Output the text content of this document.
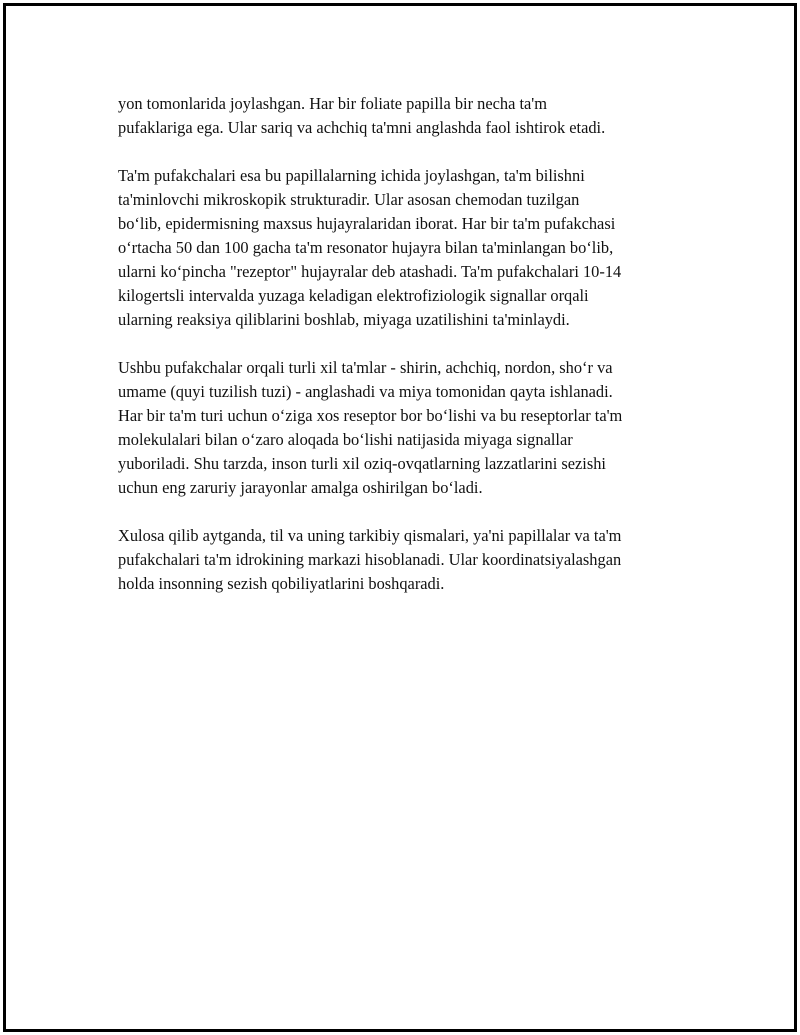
yon tomonlarida joylashgan. Har bir foliate papilla bir necha ta'm
pufaklariga ega. Ular sariq va achchiq ta'mni anglashda faol ishtirok etadi.

Ta'm pufakchalari esa bu papillalarning ichida joylashgan, ta'm bilishni
ta'minlovchi mikroskopik strukturadir. Ular asosan chemodan tuzilgan
bo‘lib, epidermisning maxsus hujayralaridan iborat. Har bir ta'm pufakchasi
o‘rtacha 50 dan 100 gacha ta'm resonator hujayra bilan ta'minlangan bo‘lib,
ularni ko‘pincha "rezeptor" hujayralar deb atashadi. Ta'm pufakchalari 10-14
kilogertsli intervalda yuzaga keladigan elektrofiziologik signallar orqali
ularning reaksiya qiliblarini boshlab, miyaga uzatilishini ta'minlaydi.

Ushbu pufakchalar orqali turli xil ta'mlar - shirin, achchiq, nordon, sho‘r va
umame (quyi tuzilish tuzi) - anglashadi va miya tomonidan qayta ishlanadi.
Har bir ta'm turi uchun o‘ziga xos reseptor bor bo‘lishi va bu reseptorlar ta'm
molekulalari bilan o‘zaro aloqada bo‘lishi natijasida miyaga signallar
yuboriladi. Shu tarzda, inson turli xil oziq-ovqatlarning lazzatlarini sezishi
uchun eng zaruriy jarayonlar amalga oshirilgan bo‘ladi.

Xulosa qilib aytganda, til va uning tarkibiy qismalari, ya'ni papillalar va ta'm
pufakchalari ta'm idrokining markazi hisoblanadi. Ular koordinatsiyalashgan
holda insonning sezish qobiliyatlarini boshqaradi.
